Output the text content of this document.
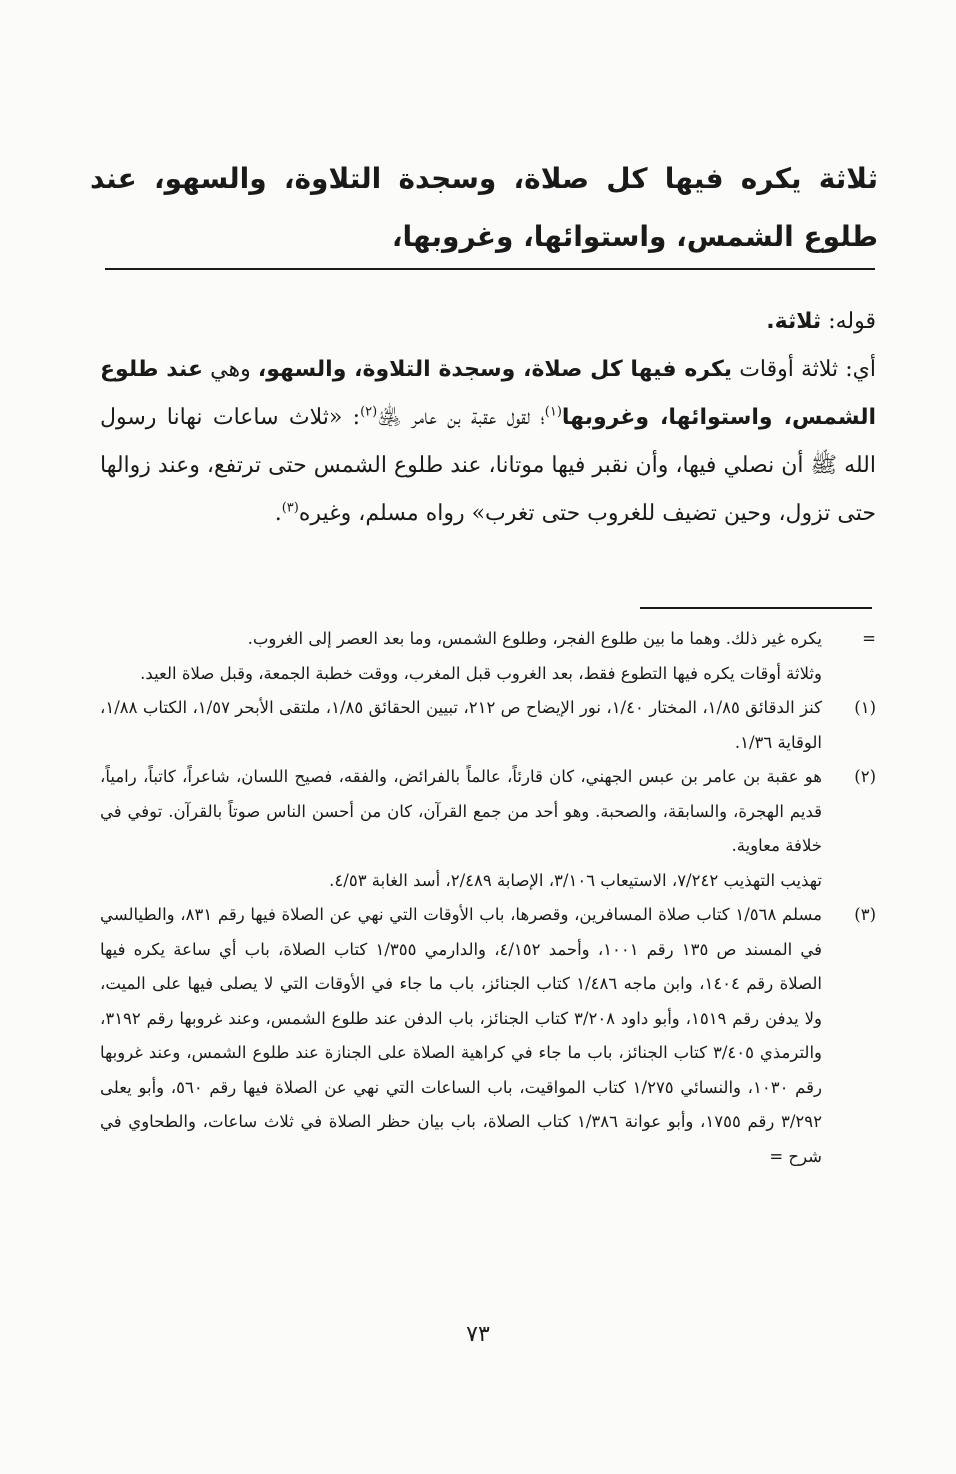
ثلاثة يكره فيها كل صلاة، وسجدة التلاوة، والسهو، عند طلوع الشمس، واستوائها، وغروبها،

قوله: ثلاثة.

أي: ثلاثة أوقات يكره فيها كل صلاة، وسجدة التلاوة، والسهو، وهي عند طلوع الشمس، واستوائها، وغروبها$^{(١)}$؛ لقول عقبة بن عامر ﵁$^{(٢)}$: «ثلاث ساعات نهانا رسول الله ﷺ أن نصلي فيها، وأن نقبر فيها موتانا، عند طلوع الشمس حتى ترتفع، وعند زوالها حتى تزول، وحين تضيف للغروب حتى تغرب» رواه مسلم، وغيره$^{(٣)}$.

=

يكره غير ذلك. وهما ما بين طلوع الفجر، وطلوع الشمس، وما بعد العصر إلى الغروب.

وثلاثة أوقات يكره فيها التطوع فقط، بعد الغروب قبل المغرب، ووقت خطبة الجمعة، وقبل صلاة العيد.

(١)

كنز الدقائق ١/٨٥، المختار ١/٤٠، نور الإيضاح ص ٢١٢، تبيين الحقائق ١/٨٥، ملتقى الأبحر ١/٥٧، الكتاب ١/٨٨، الوقاية ١/٣٦.

(٢)

هو عقبة بن عامر بن عبس الجهني، كان قارئاً، عالماً بالفرائض، والفقه، فصيح اللسان، شاعراً، كاتباً، رامياً، قديم الهجرة، والسابقة، والصحبة. وهو أحد من جمع القرآن، كان من أحسن الناس صوتاً بالقرآن. توفي في خلافة معاوية.

تهذيب التهذيب ٧/٢٤٢، الاستيعاب ٣/١٠٦، الإصابة ٢/٤٨٩، أسد الغابة ٤/٥٣.

(٣)

مسلم ١/٥٦٨ كتاب صلاة المسافرين، وقصرها، باب الأوقات التي نهي عن الصلاة فيها رقم ٨٣١، والطيالسي في المسند ص ١٣٥ رقم ١٠٠١، وأحمد ٤/١٥٢، والدارمي ١/٣٥٥ كتاب الصلاة، باب أي ساعة يكره فيها الصلاة رقم ١٤٠٤، وابن ماجه ١/٤٨٦ كتاب الجنائز، باب ما جاء في الأوقات التي لا يصلى فيها على الميت، ولا يدفن رقم ١٥١٩، وأبو داود ٣/٢٠٨ كتاب الجنائز، باب الدفن عند طلوع الشمس، وعند غروبها رقم ٣١٩٢، والترمذي ٣/٤٠٥ كتاب الجنائز، باب ما جاء في كراهية الصلاة على الجنازة عند طلوع الشمس، وعند غروبها رقم ١٠٣٠، والنسائي ١/٢٧٥ كتاب المواقيت، باب الساعات التي نهي عن الصلاة فيها رقم ٥٦٠، وأبو يعلى ٣/٢٩٢ رقم ١٧٥٥، وأبو عوانة ١/٣٨٦ كتاب الصلاة، باب بيان حظر الصلاة في ثلاث ساعات، والطحاوي في شرح =

٧٣
